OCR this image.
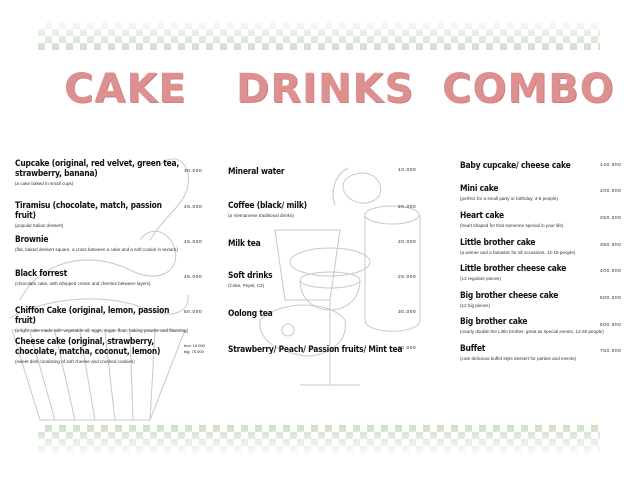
CAKE DRINKS COMBO
Cupcake (original, red velvet, green tea, strawberry, banana)
(a cake baked in small cups)
30.000
Tiramisu (chocolate, match, passion fruit)
(popular Italian dessert)
45.000
Brownie
(flat, baked dessert square, a cross between a cake and a soft cookie in texture)
45.000
Black forrest
(chocolate cake, with whipped cream and cherries between layers)
45.000
Chiffon Cake (original, lemon, passion fruit)
(a light cake made with vegetable oil, eggs, sugar, flour, baking powder and flavoring)
50.000
Cheese cake (original, strawberry, chocolate, matcha, coconut, lemon)
(sweet dish consisting of soft cheese and crushed cookies)
box: 15.000
big: 75.000
Mineral water	10.000
Coffee (black/ milk)
(a Vietnamese traditional drinks)
20.000
Milk tea	20.000
Soft drinks
(Coke, Pepsi, C2)
25.000
Oolong tea	30.000
Strawberry/ Peach/ Passion fruits/ Mint tea
30.000
Baby cupcake/ cheese cake	140.000
Mini cake
(perfect for a small party or birthday, 4-8 people)
200.000
Heart cake
(heart shaped for that someone special in your life)
250.000
Little brother cake
(a winner and a fantastic for all occasions, 12-16 people)
350.000
Little brother cheese cake
(12 regulare pieces)
400.000
Big brother cheese cake
(12 big pieces)
500.000
Big brother cake
(nearly double the Little brother, great as special events, 12-36 people)
600.000
Buffet
(cute delicious buffet style dessert for parties and events)
750.000
